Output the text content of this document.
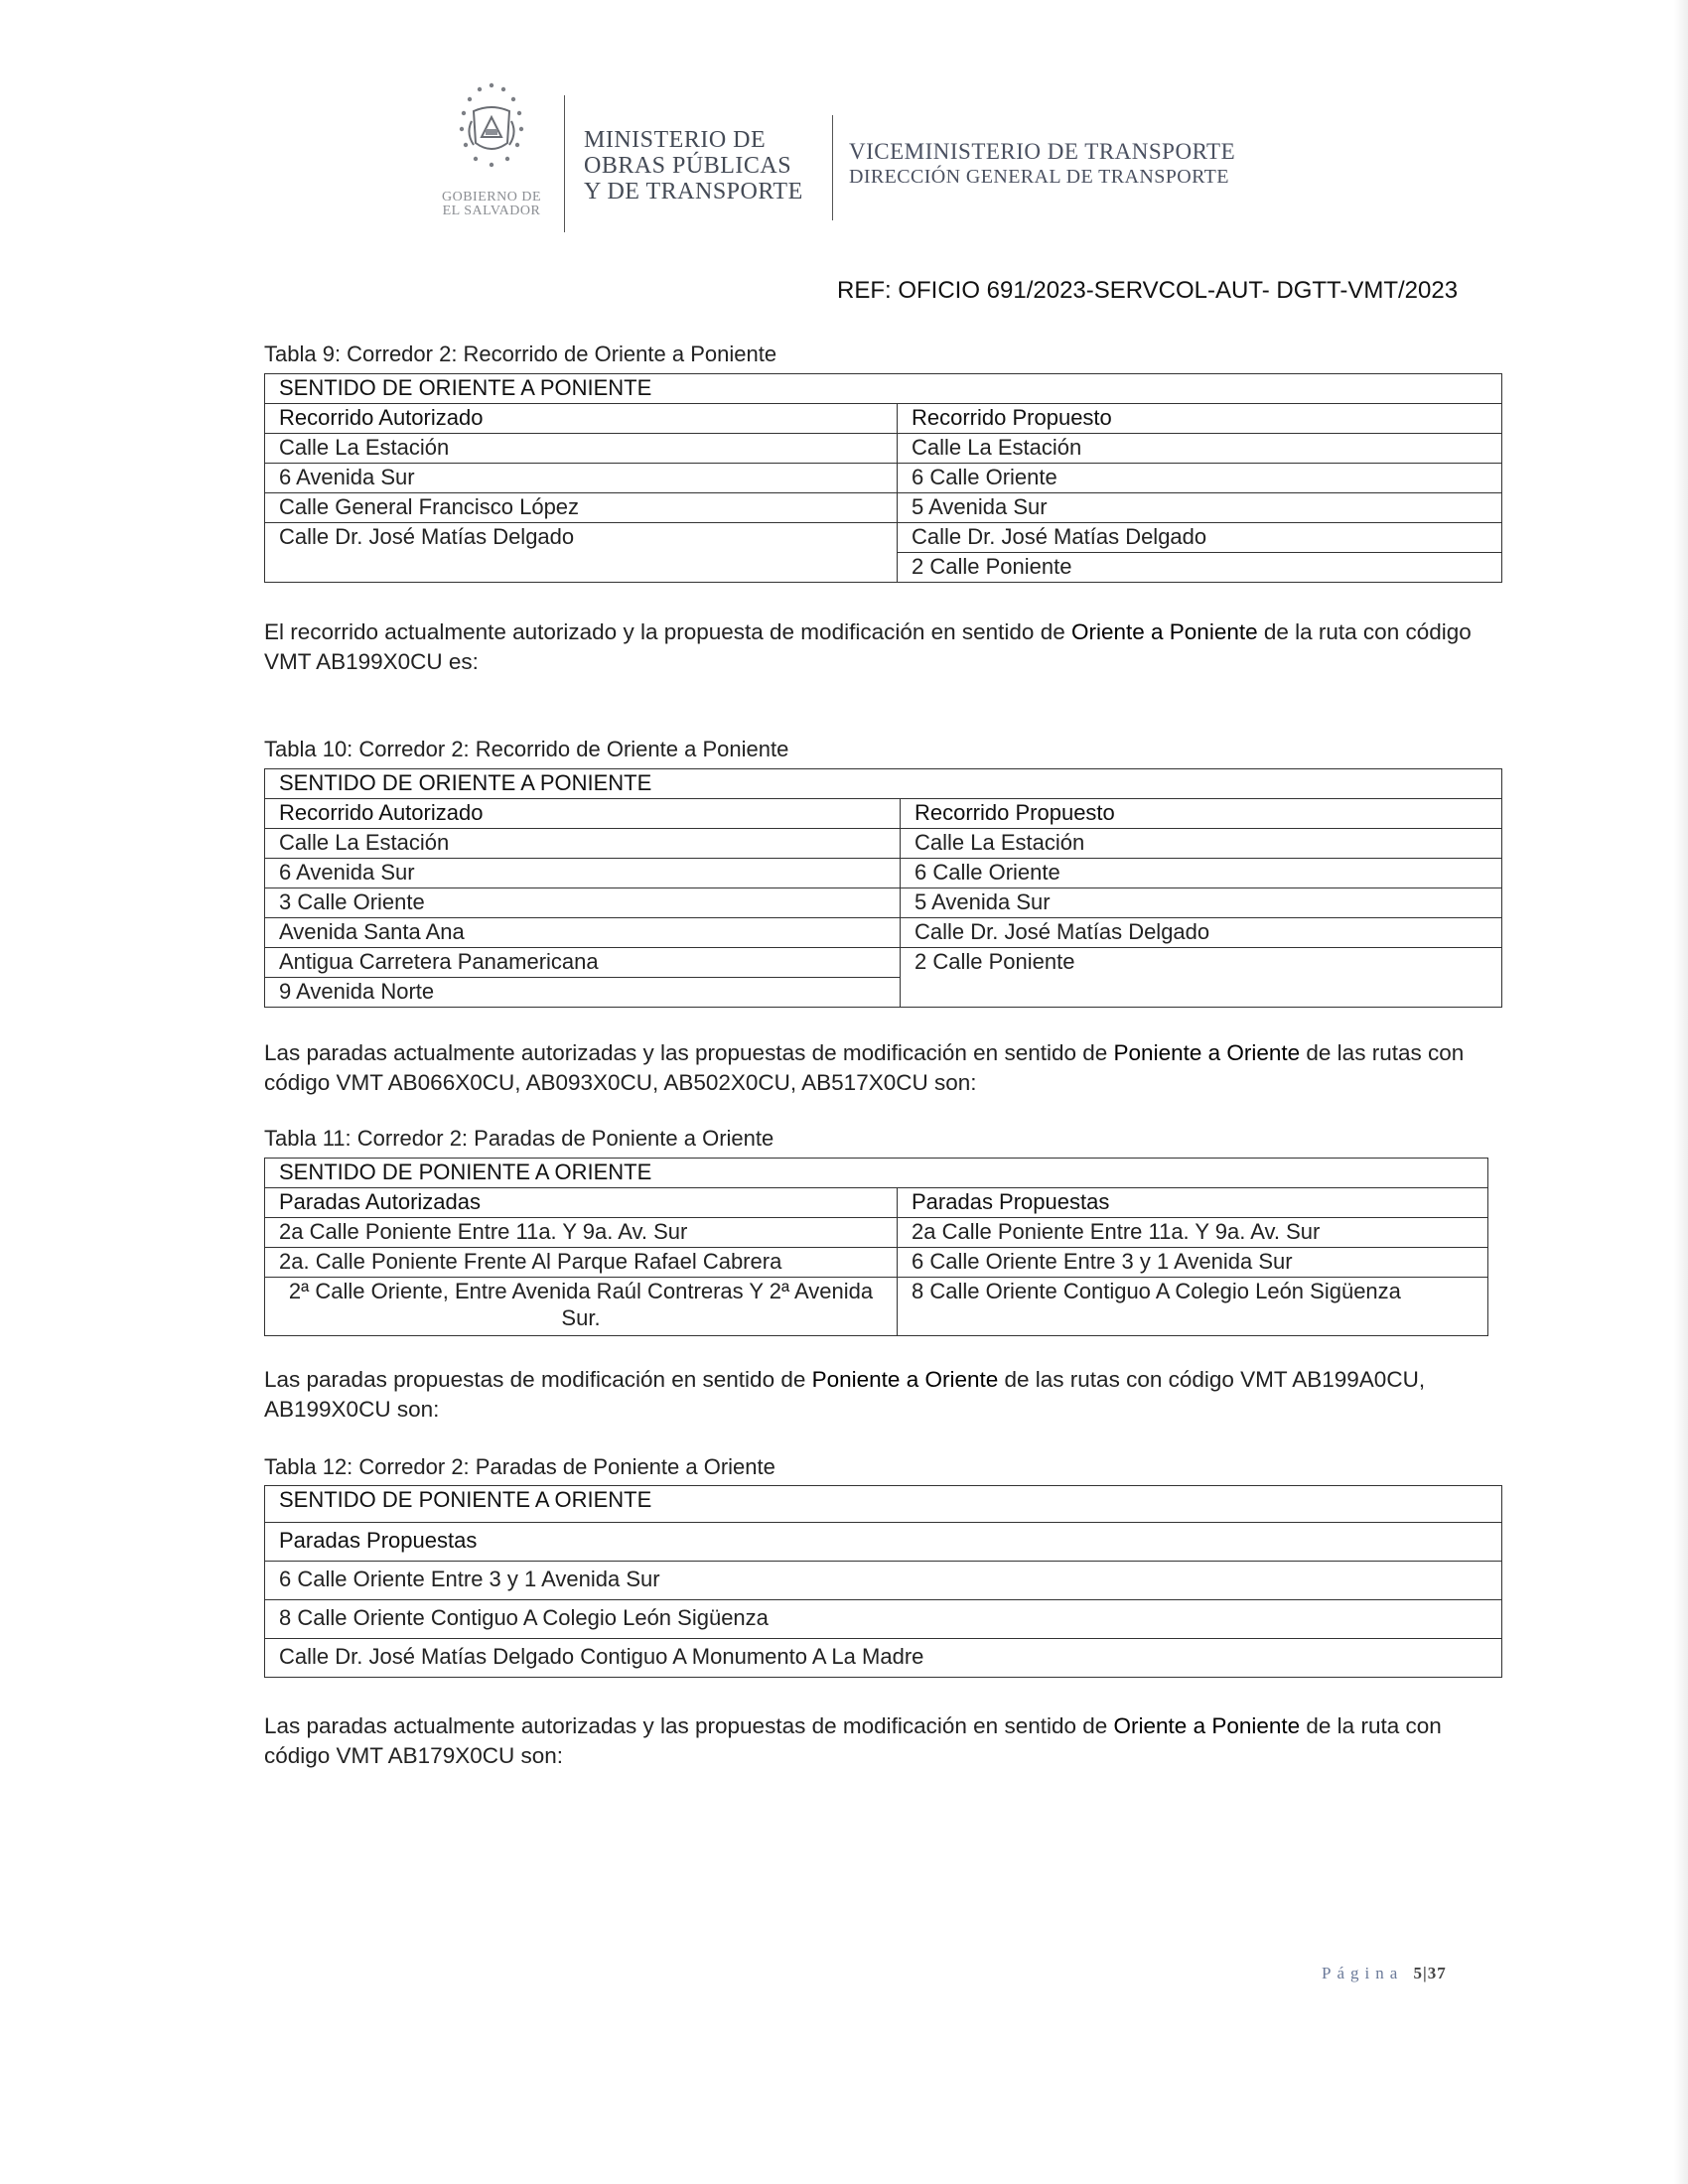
GOBIERNO DE
EL SALVADOR
MINISTERIO DE
OBRAS PÚBLICAS
Y DE TRANSPORTE
VICEMINISTERIO DE TRANSPORTE
DIRECCIÓN GENERAL DE TRANSPORTE
REF: OFICIO 691/2023-SERVCOL-AUT- DGTT-VMT/2023
Tabla 9: Corredor 2: Recorrido de Oriente a Poniente
SENTIDO DE ORIENTE A PONIENTE	
Recorrido Autorizado	Recorrido Propuesto
Calle La Estación	Calle La Estación
6 Avenida Sur	6 Calle Oriente
Calle General Francisco López	5 Avenida Sur
Calle Dr. José Matías Delgado	Calle Dr. José Matías Delgado
	2 Calle Poniente

El recorrido actualmente autorizado y la propuesta de modificación en sentido de Oriente a Poniente de la ruta con código VMT AB199X0CU es:

Tabla 10: Corredor 2: Recorrido de Oriente a Poniente
SENTIDO DE ORIENTE A PONIENTE	
Recorrido Autorizado	Recorrido Propuesto
Calle La Estación	Calle La Estación
6 Avenida Sur	6 Calle Oriente
3 Calle Oriente	5 Avenida Sur
Avenida Santa Ana	Calle Dr. José Matías Delgado
Antigua Carretera Panamericana	2 Calle Poniente
9 Avenida Norte	

Las paradas actualmente autorizadas y las propuestas de modificación en sentido de Poniente a Oriente de las rutas con código VMT AB066X0CU, AB093X0CU, AB502X0CU, AB517X0CU son:

Tabla 11: Corredor 2: Paradas de Poniente a Oriente
SENTIDO DE PONIENTE A ORIENTE	
Paradas Autorizadas	Paradas Propuestas
2a Calle Poniente Entre 11a. Y 9a. Av. Sur	2a Calle Poniente Entre 11a. Y 9a. Av. Sur
2a. Calle Poniente Frente Al Parque Rafael Cabrera	6 Calle Oriente Entre 3 y 1 Avenida Sur
2ª Calle Oriente, Entre Avenida Raúl Contreras Y 2ª Avenida Sur.	8 Calle Oriente Contiguo A Colegio León Sigüenza

Las paradas propuestas de modificación en sentido de Poniente a Oriente de las rutas con código VMT AB199A0CU, AB199X0CU son:

Tabla 12: Corredor 2: Paradas de Poniente a Oriente
SENTIDO DE PONIENTE A ORIENTE
Paradas Propuestas
6 Calle Oriente Entre 3 y 1 Avenida Sur
8 Calle Oriente Contiguo A Colegio León Sigüenza
Calle Dr. José Matías Delgado Contiguo A Monumento A La Madre

Las paradas actualmente autorizadas y las propuestas de modificación en sentido de Oriente a Poniente de la ruta con código VMT AB179X0CU son:

Página 5|37
